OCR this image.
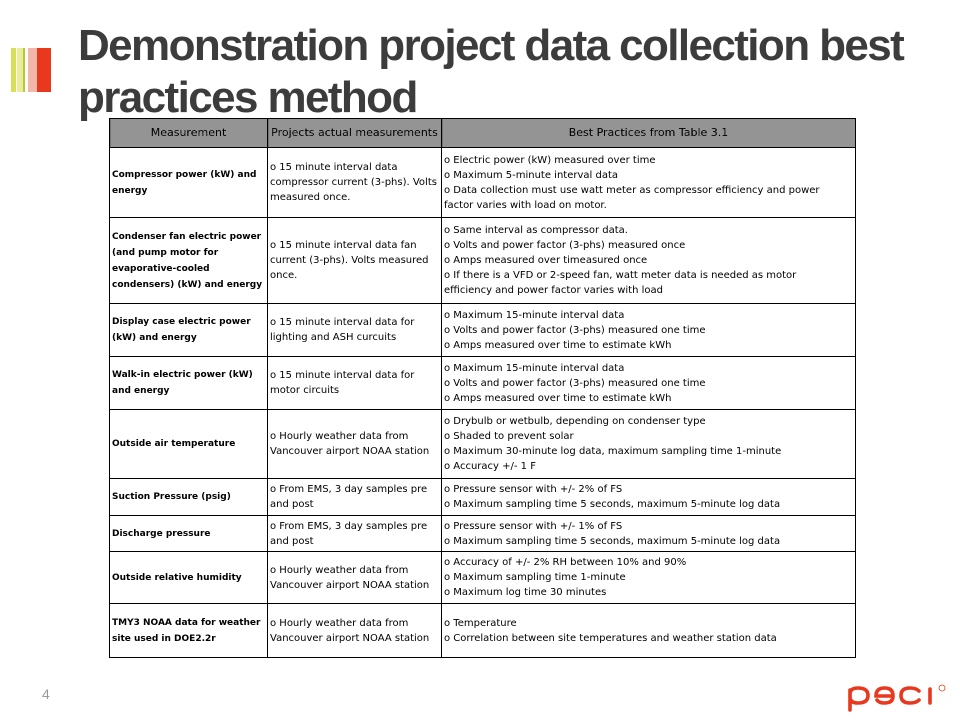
Demonstration project data collection best practices method
Measurement	Projects actual measurements	Best Practices from Table 3.1
Compressor power (kW) and energy	o 15 minute interval data compressor current (3-phs). Volts measured once.	o Electric power (kW) measured over time
o Maximum 5-minute interval data
o Data collection must use watt meter as compressor efficiency and power
factor varies with load on motor.

Condenser fan electric power (and pump motor for evaporative-cooled condensers) (kW) and energy	o 15 minute interval data fan current (3-phs). Volts measured once.	o Same interval as compressor data.
o Volts and power factor (3-phs) measured once
o Amps measured over timeasured once
o If there is a VFD or 2-speed fan, watt meter data is needed as motor
efficiency and power factor varies with load

Display case electric power (kW) and energy	o 15 minute interval data for lighting and ASH curcuits	o Maximum 15-minute interval data
o Volts and power factor (3-phs) measured one time
o Amps measured over time to estimate kWh

Walk-in electric power (kW) and energy	o 15 minute interval data for motor circuits	o Maximum 15-minute interval data
o Volts and power factor (3-phs) measured one time
o Amps measured over time to estimate kWh

Outside air temperature	o Hourly weather data from Vancouver airport NOAA station	o Drybulb or wetbulb, depending on condenser type
o Shaded to prevent solar
o Maximum 30-minute log data, maximum sampling time 1-minute
o Accuracy +/- 1 F

Suction Pressure (psig)	o From EMS, 3 day samples pre and post	o Pressure sensor with +/- 2% of FS
o Maximum sampling time 5 seconds, maximum 5-minute log data

Discharge pressure	o From EMS, 3 day samples pre and post	o Pressure sensor with +/- 1% of FS
o Maximum sampling time 5 seconds, maximum 5-minute log data

Outside relative humidity	o Hourly weather data from Vancouver airport NOAA station	o Accuracy of +/- 2% RH between 10% and 90%
o Maximum sampling time 1-minute
o Maximum log time 30 minutes

TMY3 NOAA data for weather site used in DOE2.2r	o Hourly weather data from Vancouver airport NOAA station	o Temperature
o Correlation between site temperatures and weather station data
4
